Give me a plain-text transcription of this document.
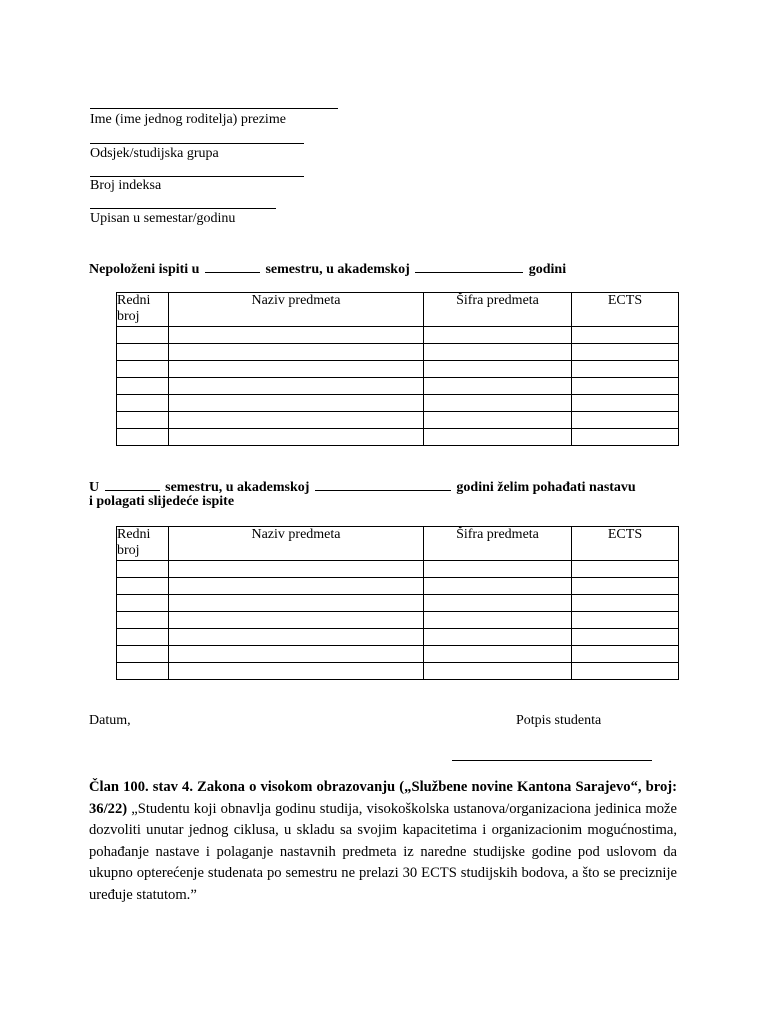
Ime (ime jednog roditelja) prezime
Odsjek/studijska grupa
Broj indeksa
Upisan u semestar/godinu
Nepoloženi ispiti u	semestru, u akademskoj	godini
Redni
broj	Naziv predmeta	Šifra predmeta	ECTS

U	semestru, u akademskoj	godini želim pohađati nastavu
i polagati slijedeće ispite
Redni
broj	Naziv predmeta	Šifra predmeta	ECTS

Datum,	Potpis studenta
Član 100. stav 4. Zakona o visokom obrazovanju („Službene novine Kantona Sarajevo“, broj: 36/22) „Studentu koji obnavlja godinu studija, visokoškolska ustanova/organizaciona jedinica može dozvoliti unutar jednog ciklusa, u skladu sa svojim kapacitetima i organizacionim mogućnostima, pohađanje nastave i polaganje nastavnih predmeta iz naredne studijske godine pod uslovom da ukupno opterećenje studenata po semestru ne prelazi 30 ECTS studijskih bodova, a što se preciznije uređuje statutom.”
